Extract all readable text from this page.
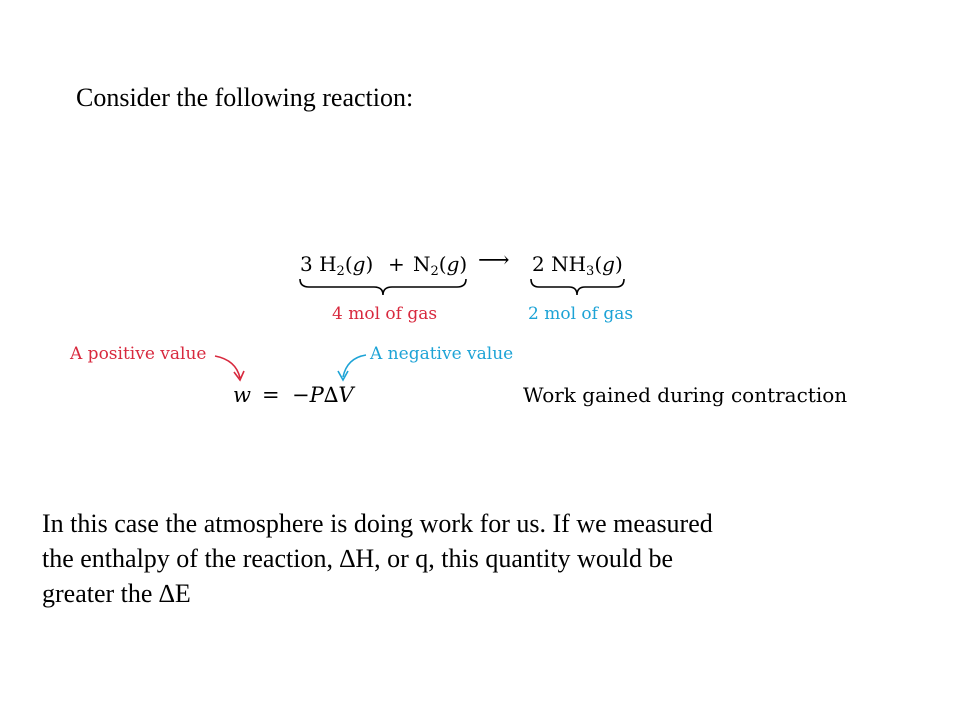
Consider the following reaction:
3 $H_2(g) + N_2(g)$ ⟶ 2 $NH_3(g)$
4 mol of gas	2 mol of gas
A positive value	A negative value
w = −P∆V	Work gained during contraction
In this case the atmosphere is doing work for us. If we measured
the enthalpy of the reaction, ∆H, or q, this quantity would be
greater the ∆E
